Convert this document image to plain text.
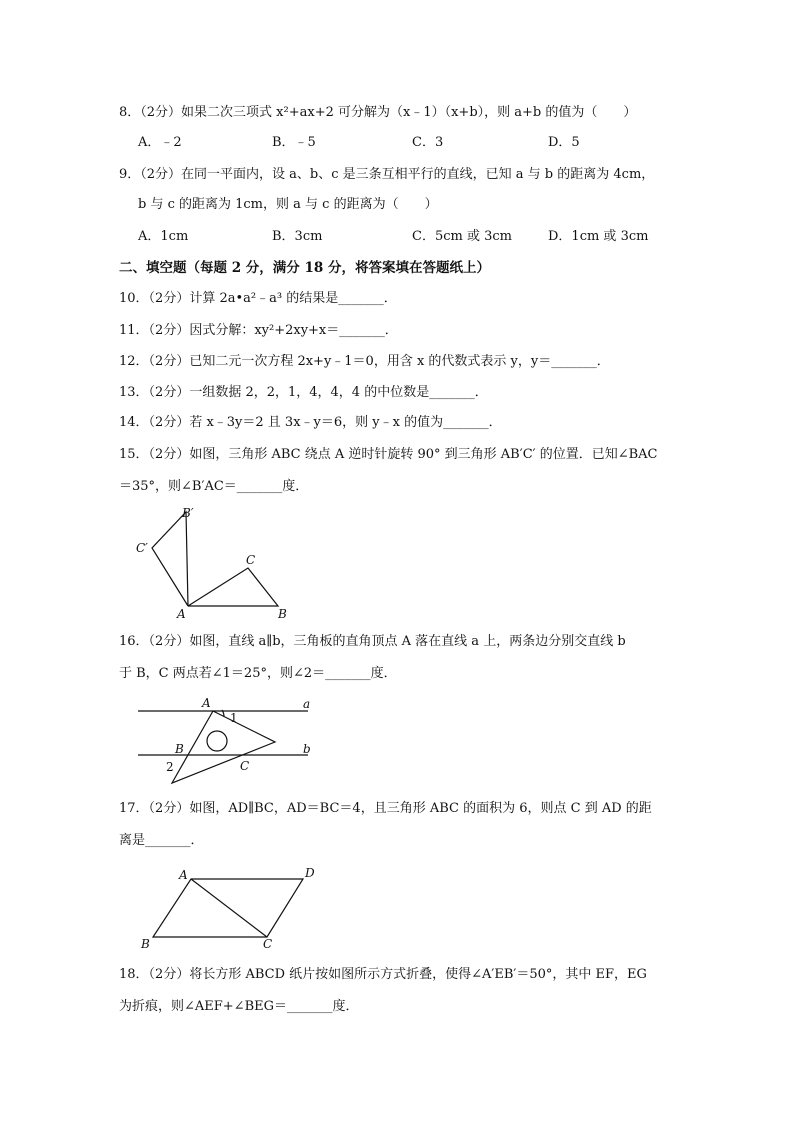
8．（2分）如果二次三项式 x²+ax+2 可分解为（x﹣1）（x+b），则 a+b 的值为（　　）
A．﹣2	B．﹣5	C．3	D．5
9．（2分）在同一平面内，设 a、b、c 是三条互相平行的直线，已知 a 与 b 的距离为 4cm，
b 与 c 的距离为 1cm，则 a 与 c 的距离为（　　）
A．1cm	B．3cm	C．5cm 或 3cm	D．1cm 或 3cm
二、填空题（每题 2 分，满分 18 分，将答案填在答题纸上）
10．（2分）计算 2a•a²﹣a³ 的结果是_______．
11．（2分）因式分解：xy²+2xy+x＝_______．
12．（2分）已知二元一次方程 2x+y﹣1＝0，用含 x 的代数式表示 y，y＝_______．
13．（2分）一组数据 2，2，1，4，4，4 的中位数是_______．
14．（2分）若 x﹣3y＝2 且 3x﹣y＝6，则 y﹣x 的值为_______．
15．（2分）如图，三角形 ABC 绕点 A 逆时针旋转 90° 到三角形 AB′C′ 的位置．已知∠BAC
＝35°，则∠B′AC＝_______度．
B′
C′
C
A	B
16．（2分）如图，直线 a∥b，三角板的直角顶点 A 落在直线 a 上，两条边分别交直线 b
于 B，C 两点若∠1＝25°，则∠2＝_______度．
A
1
a
B	b
2	C
17．（2分）如图，AD∥BC，AD＝BC＝4，且三角形 ABC 的面积为 6，则点 C 到 AD 的距
离是_______．
A	D
B	C
18．（2分）将长方形 ABCD 纸片按如图所示方式折叠，使得∠A′EB′＝50°，其中 EF，EG
为折痕，则∠AEF+∠BEG＝_______度．
